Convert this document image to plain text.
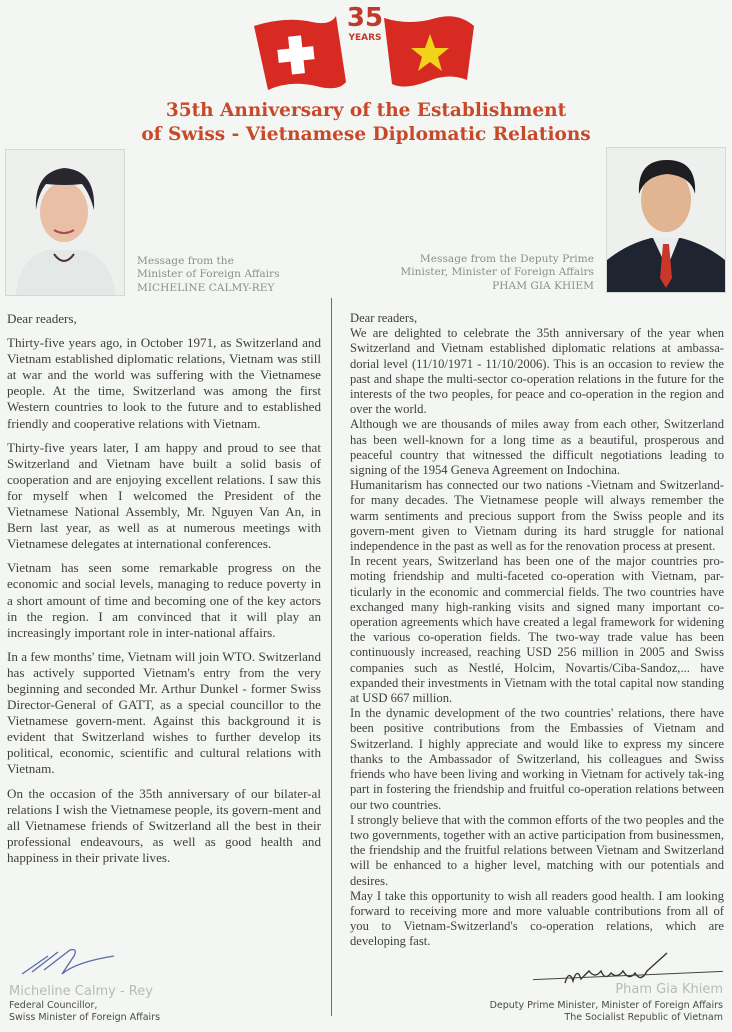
35
YEARS
35th Anniversary of the Establishment
of Swiss - Vietnamese Diplomatic Relations
Message from the
Minister of Foreign Affairs
MICHELINE CALMY-REY
Message from the Deputy Prime
Minister, Minister of Foreign Affairs
PHAM GIA KHIEM
Dear readers,

Thirty-five years ago, in October 1971, as Switzerland and Vietnam established diplomatic relations, Vietnam was still at war and the world was suffering with the Vietnamese people. At the time, Switzerland was among the first Western countries to look to the future and to established friendly and cooperative relations with Vietnam.

Thirty-five years later, I am happy and proud to see that Switzerland and Vietnam have built a solid basis of cooperation and are enjoying excellent relations. I saw this for myself when I welcomed the President of the Vietnamese National Assembly, Mr. Nguyen Van An, in Bern last year, as well as at numerous meetings with Vietnamese delegates at international conferences.

Vietnam has seen some remarkable progress on the economic and social levels, managing to reduce poverty in a short amount of time and becoming one of the key actors in the region. I am convinced that it will play an increasingly important role in inter-national affairs.

In a few months' time, Vietnam will join WTO. Switzerland has actively supported Vietnam's entry from the very beginning and seconded Mr. Arthur Dunkel - former Swiss Director-General of GATT, as a special councillor to the Vietnamese govern-ment. Against this background it is evident that Switzerland wishes to further develop its political, economic, scientific and cultural relations with Vietnam.

On the occasion of the 35th anniversary of our bilater-al relations I wish the Vietnamese people, its govern-ment and all Vietnamese friends of Switzerland all the best in their professional endeavours, as well as good health and happiness in their private lives.

Dear readers,

We are delighted to celebrate the 35th anniversary of the year when Switzerland and Vietnam established diplomatic relations at ambassa-dorial level (11/10/1971 - 11/10/2006). This is an occasion to review the past and shape the multi-sector co-operation relations in the future for the interests of the two peoples, for peace and co-operation in the region and over the world.

Although we are thousands of miles away from each other, Switzerland has been well-known for a long time as a beautiful, prosperous and peaceful country that witnessed the difficult negotiations leading to signing of the 1954 Geneva Agreement on Indochina.

Humanitarism has connected our two nations -Vietnam and Switzerland- for many decades. The Vietnamese people will always remember the warm sentiments and precious support from the Swiss people and its govern-ment given to Vietnam during its hard struggle for national independence in the past as well as for the renovation process at present.

In recent years, Switzerland has been one of the major countries pro-moting friendship and multi-faceted co-operation with Vietnam, par-ticularly in the economic and commercial fields. The two countries have exchanged many high-ranking visits and signed many important co-operation agreements which have created a legal framework for widening the various co-operation fields. The two-way trade value has been continuously increased, reaching USD 256 million in 2005 and Swiss companies such as Nestlé, Holcim, Novartis/Ciba-Sandoz,... have expanded their investments in Vietnam with the total capital now standing at USD 667 million.

In the dynamic development of the two countries' relations, there have been positive contributions from the Embassies of Vietnam and Switzerland. I highly appreciate and would like to express my sincere thanks to the Ambassador of Switzerland, his colleagues and Swiss friends who have been living and working in Vietnam for actively tak-ing part in fostering the friendship and fruitful co-operation relations between our two countries.

I strongly believe that with the common efforts of the two peoples and the two governments, together with an active participation from businessmen, the friendship and the fruitful relations between Vietnam and Switzerland will be enhanced to a higher level, matching with our potentials and desires.

May I take this opportunity to wish all readers good health. I am looking forward to receiving more and more valuable contributions from all of you to Vietnam-Switzerland's co-operation relations, which are developing fast.

Micheline Calmy - Rey
Federal Councillor,
Swiss Minister of Foreign Affairs
Pham Gia Khiem
Deputy Prime Minister, Minister of Foreign Affairs
The Socialist Republic of Vietnam
